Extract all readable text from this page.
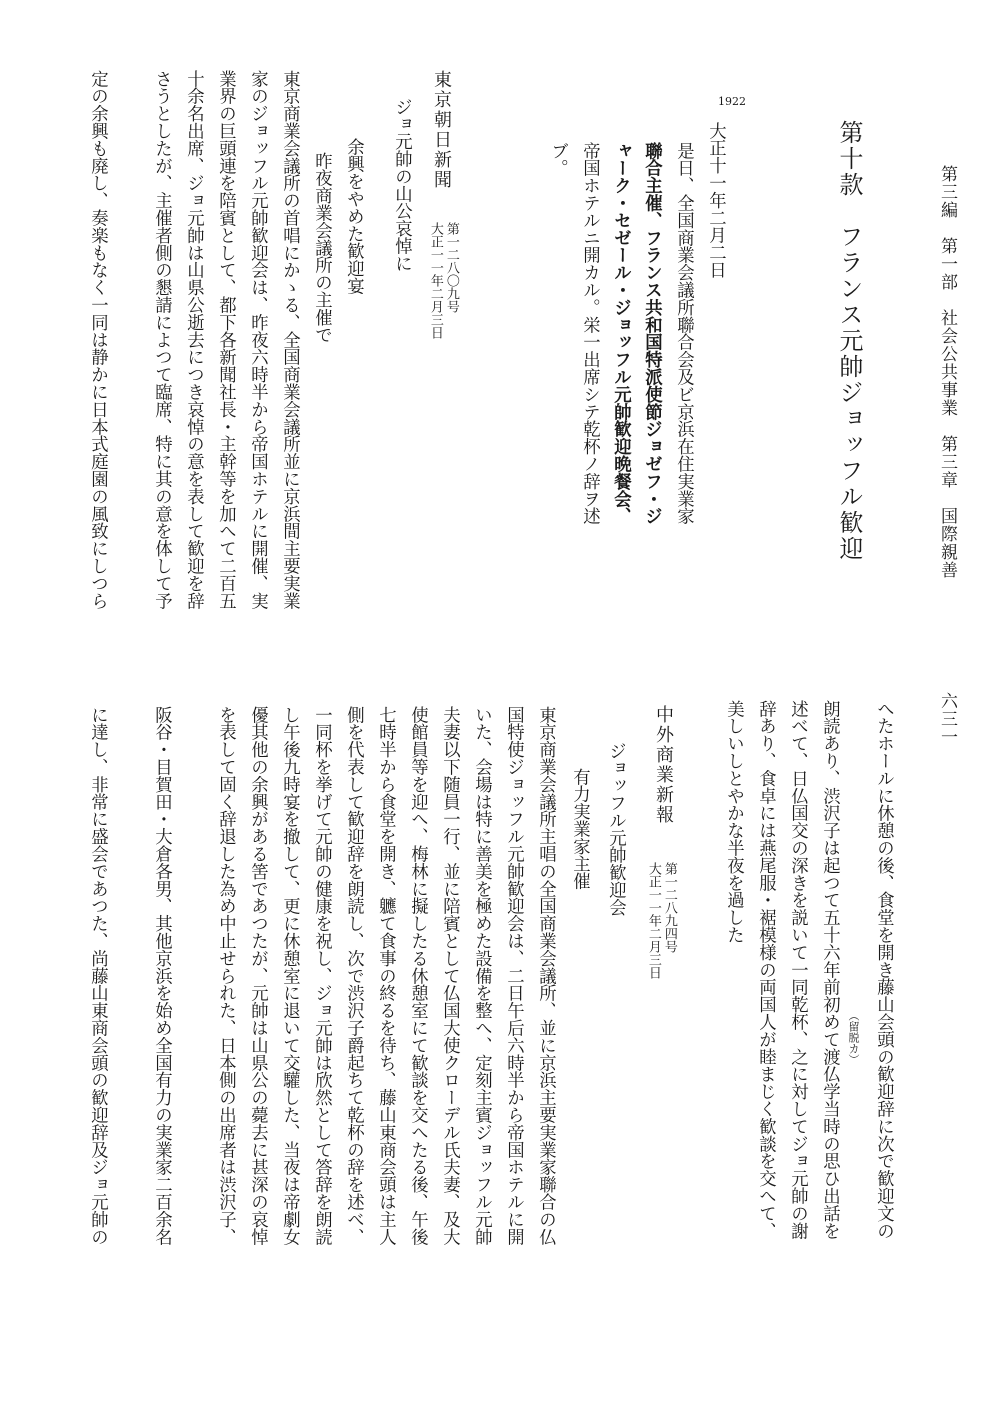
第三編　第一部　社会公共事業　第三章　国際親善
六三一
第十款　フランス元帥ジョッフル歓迎
1922
大正十一年二月二日
是日、全国商業会議所聯合会及ビ京浜在住実業家
聯合主催、フランス共和国特派使節ジョゼフ・ジ
ャーク・セゼール・ジョッフル元帥歓迎晩餐会、
帝国ホテルニ開カル。栄一出席シテ乾杯ノ辞ヲ述
ブ。
東京朝日新聞
第一二八〇九号
大正一一年二月三日
ジョ元帥の山公哀悼に
余興をやめた歓迎宴
昨夜商業会議所の主催で
東京商業会議所の首唱にかゝる、全国商業会議所並に京浜間主要実業
家のジョッフル元帥歓迎会は、昨夜六時半から帝国ホテルに開催、実
業界の巨頭連を陪賓として、都下各新聞社長・主幹等を加へて二百五
十余名出席、ジョ元帥は山県公逝去につき哀悼の意を表して歓迎を辞
さうとしたが、主催者側の懇請によつて臨席、特に其の意を体して予
定の余興も廃し、奏楽もなく一同は静かに日本式庭園の風致にしつら
へたホールに休憩の後、食堂を開き藤山会頭の歓迎辞に次で歓迎文の
（留脱カ）
朗読あり、渋沢子は起つて五十六年前初めて渡仏学当時の思ひ出話を
述べて、日仏国交の深きを説いて一同乾杯、之に対してジョ元帥の謝
辞あり、食卓には燕尾服・裾模様の両国人が睦まじく歓談を交へて、
美しいしとやかな半夜を過した
中外商業新報
第一二八九四号
大正一一年二月三日
ジョッフル元帥歓迎会
有力実業家主催
東京商業会議所主唱の全国商業会議所、並に京浜主要実業家聯合の仏
国特使ジョッフル元帥歓迎会は、二日午后六時半から帝国ホテルに開
いた、会場は特に善美を極めた設備を整へ、定刻主賓ジョッフル元帥
夫妻以下随員一行、並に陪賓として仏国大使クローデル氏夫妻、及大
使館員等を迎へ、梅林に擬したる休憩室にて歓談を交へたる後、午後
七時半から食堂を開き、軈て食事の終るを待ち、藤山東商会頭は主人
側を代表して歓迎辞を朗読し、次で渋沢子爵起ちて乾杯の辞を述べ、
一同杯を挙げて元帥の健康を祝し、ジョ元帥は欣然として答辞を朗読
し午後九時宴を撤して、更に休憩室に退いて交驩した、当夜は帝劇女
優其他の余興がある筈であつたが、元帥は山県公の薨去に甚深の哀悼
を表して固く辞退した為め中止せられた、日本側の出席者は渋沢子、
阪谷・目賀田・大倉各男、其他京浜を始め全国有力の実業家二百余名
に達し、非常に盛会であつた、尚藤山東商会頭の歓迎辞及ジョ元帥の
